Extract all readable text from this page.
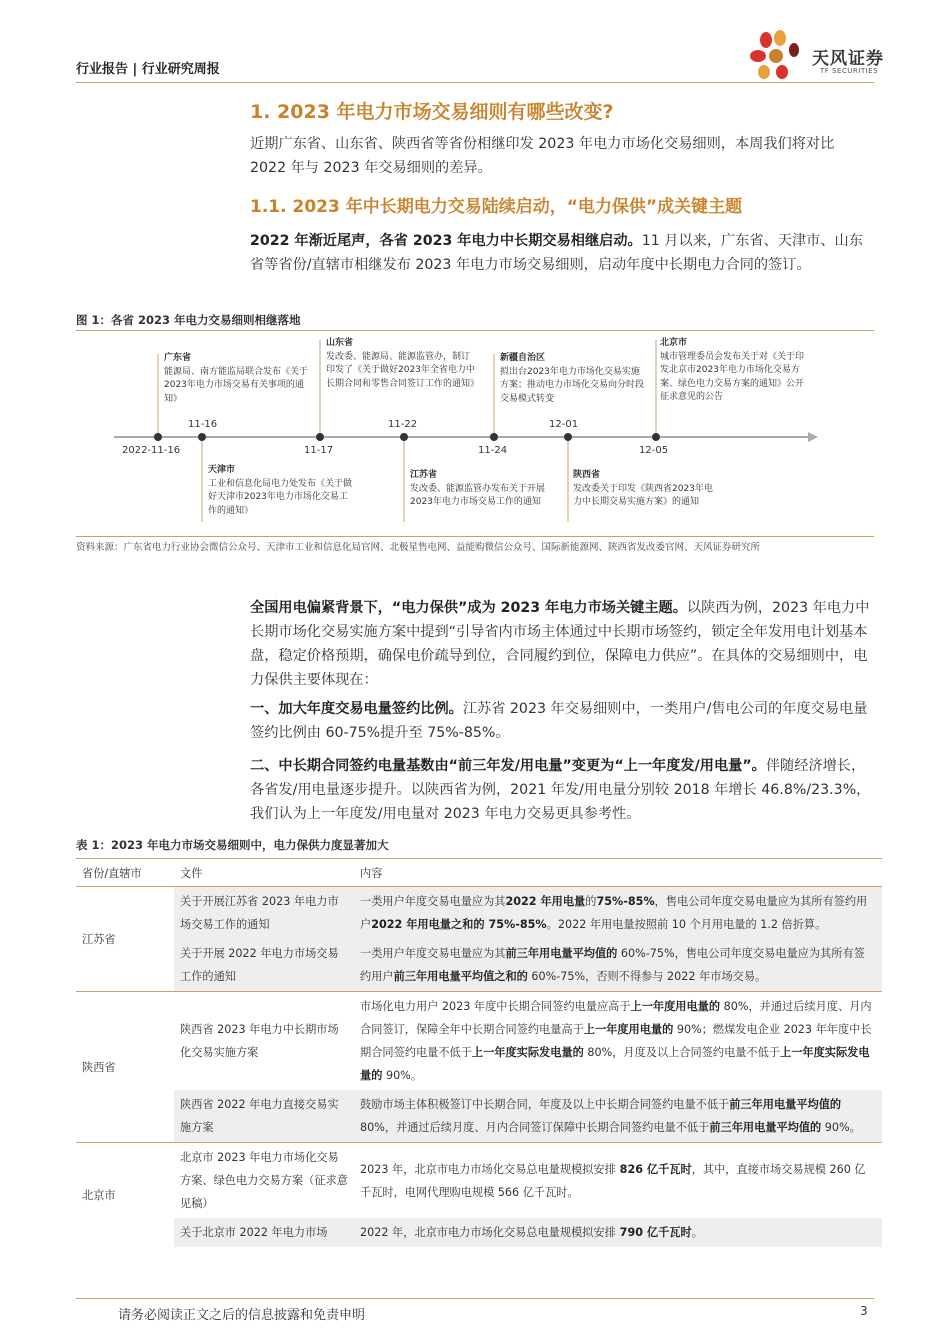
行业报告 | 行业研究周报
天风证券
TF SECURITIES
1. 2023 年电力市场交易细则有哪些改变?
近期广东省、山东省、陕西省等省份相继印发 2023 年电力市场化交易细则，本周我们将对比 2022 年与 2023 年交易细则的差异。
1.1. 2023 年中长期电力交易陆续启动，“电力保供”成关键主题
2022 年渐近尾声，各省 2023 年电力中长期交易相继启动。11 月以来，广东省、天津市、山东省等省份/直辖市相继发布 2023 年电力市场交易细则，启动年度中长期电力合同的签订。
图 1：各省 2023 年电力交易细则相继落地
2022-11-16
11-16
11-17
11-22
11-24
12-01
12-05
广东省
能源局、南方能监局联合发布《关于2023年电力市场交易有关事项的通知》
山东省
发改委、能源局、能源监管办，制订印发了《关于做好2023年全省电力中长期合同和零售合同签订工作的通知》
新疆自治区
拟出台2023年电力市场化交易实施方案；推动电力市场化交易向分时段交易模式转变
北京市
城市管理委员会发布关于对《关于印发北京市2023年电力市场化交易方案、绿色电力交易方案的通知》公开征求意见的公告
天津市
工业和信息化局电力处发布《关于做好天津市2023年电力市场化交易工作的通知》
江苏省
发改委、能源监管办发布关于开展2023年电力市场交易工作的通知
陕西省
发改委关于印发《陕西省2023年电力中长期交易实施方案》的通知
资料来源：广东省电力行业协会微信公众号、天津市工业和信息化局官网、北极星售电网、益能购微信公众号、国际新能源网、陕西省发改委官网、天风证券研究所
全国用电偏紧背景下，“电力保供”成为 2023 年电力市场关键主题。以陕西为例，2023 年电力中长期市场化交易实施方案中提到“引导省内市场主体通过中长期市场签约，锁定全年发用电计划基本盘，稳定价格预期，确保电价疏导到位，合同履约到位，保障电力供应”。在具体的交易细则中，电力保供主要体现在：
一、加大年度交易电量签约比例。江苏省 2023 年交易细则中，一类用户/售电公司的年度交易电量签约比例由 60-75%提升至 75%-85%。
二、中长期合同签约电量基数由“前三年发/用电量”变更为“上一年度发/用电量”。伴随经济增长，各省发/用电量逐步提升。以陕西省为例，2021 年发/用电量分别较 2018 年增长 46.8%/23.3%，我们认为上一年度发/用电量对 2023 年电力交易更具参考性。
表 1：2023 年电力市场交易细则中，电力保供力度显著加大
省份/直辖市	文件	内容
江苏省	关于开展江苏省 2023 年电力市场交易工作的通知	一类用户年度交易电量应为其2022 年用电量的75%-85%，售电公司年度交易电量应为其所有签约用户2022 年用电量之和的 75%-85%。2022 年用电量按照前 10 个月用电量的 1.2 倍折算。
	关于开展 2022 年电力市场交易工作的通知	一类用户年度交易电量应为其前三年用电量平均值的 60%-75%，售电公司年度交易电量应为其所有签约用户前三年用电量平均值之和的 60%-75%，否则不得参与 2022 年市场交易。
陕西省	陕西省 2023 年电力中长期市场化交易实施方案	市场化电力用户 2023 年度中长期合同签约电量应高于上一年度用电量的 80%，并通过后续月度、月内合同签订，保障全年中长期合同签约电量高于上一年度用电量的 90%；燃煤发电企业 2023 年年度中长期合同签约电量不低于上一年度实际发电量的 80%，月度及以上合同签约电量不低于上一年度实际发电量的 90%。
	陕西省 2022 年电力直接交易实施方案	鼓励市场主体积极签订中长期合同，年度及以上中长期合同签约电量不低于前三年用电量平均值的 80%，并通过后续月度、月内合同签订保障中长期合同签约电量不低于前三年用电量平均值的 90%。
北京市	北京市 2023 年电力市场化交易方案、绿色电力交易方案（征求意见稿）	2023 年，北京市电力市场化交易总电量规模拟安排 826 亿千瓦时，其中，直接市场交易规模 260 亿千瓦时，电网代理购电规模 566 亿千瓦时。
	关于北京市 2022 年电力市场	2022 年，北京市电力市场化交易总电量规模拟安排 790 亿千瓦时。
请务必阅读正文之后的信息披露和免责申明	3
